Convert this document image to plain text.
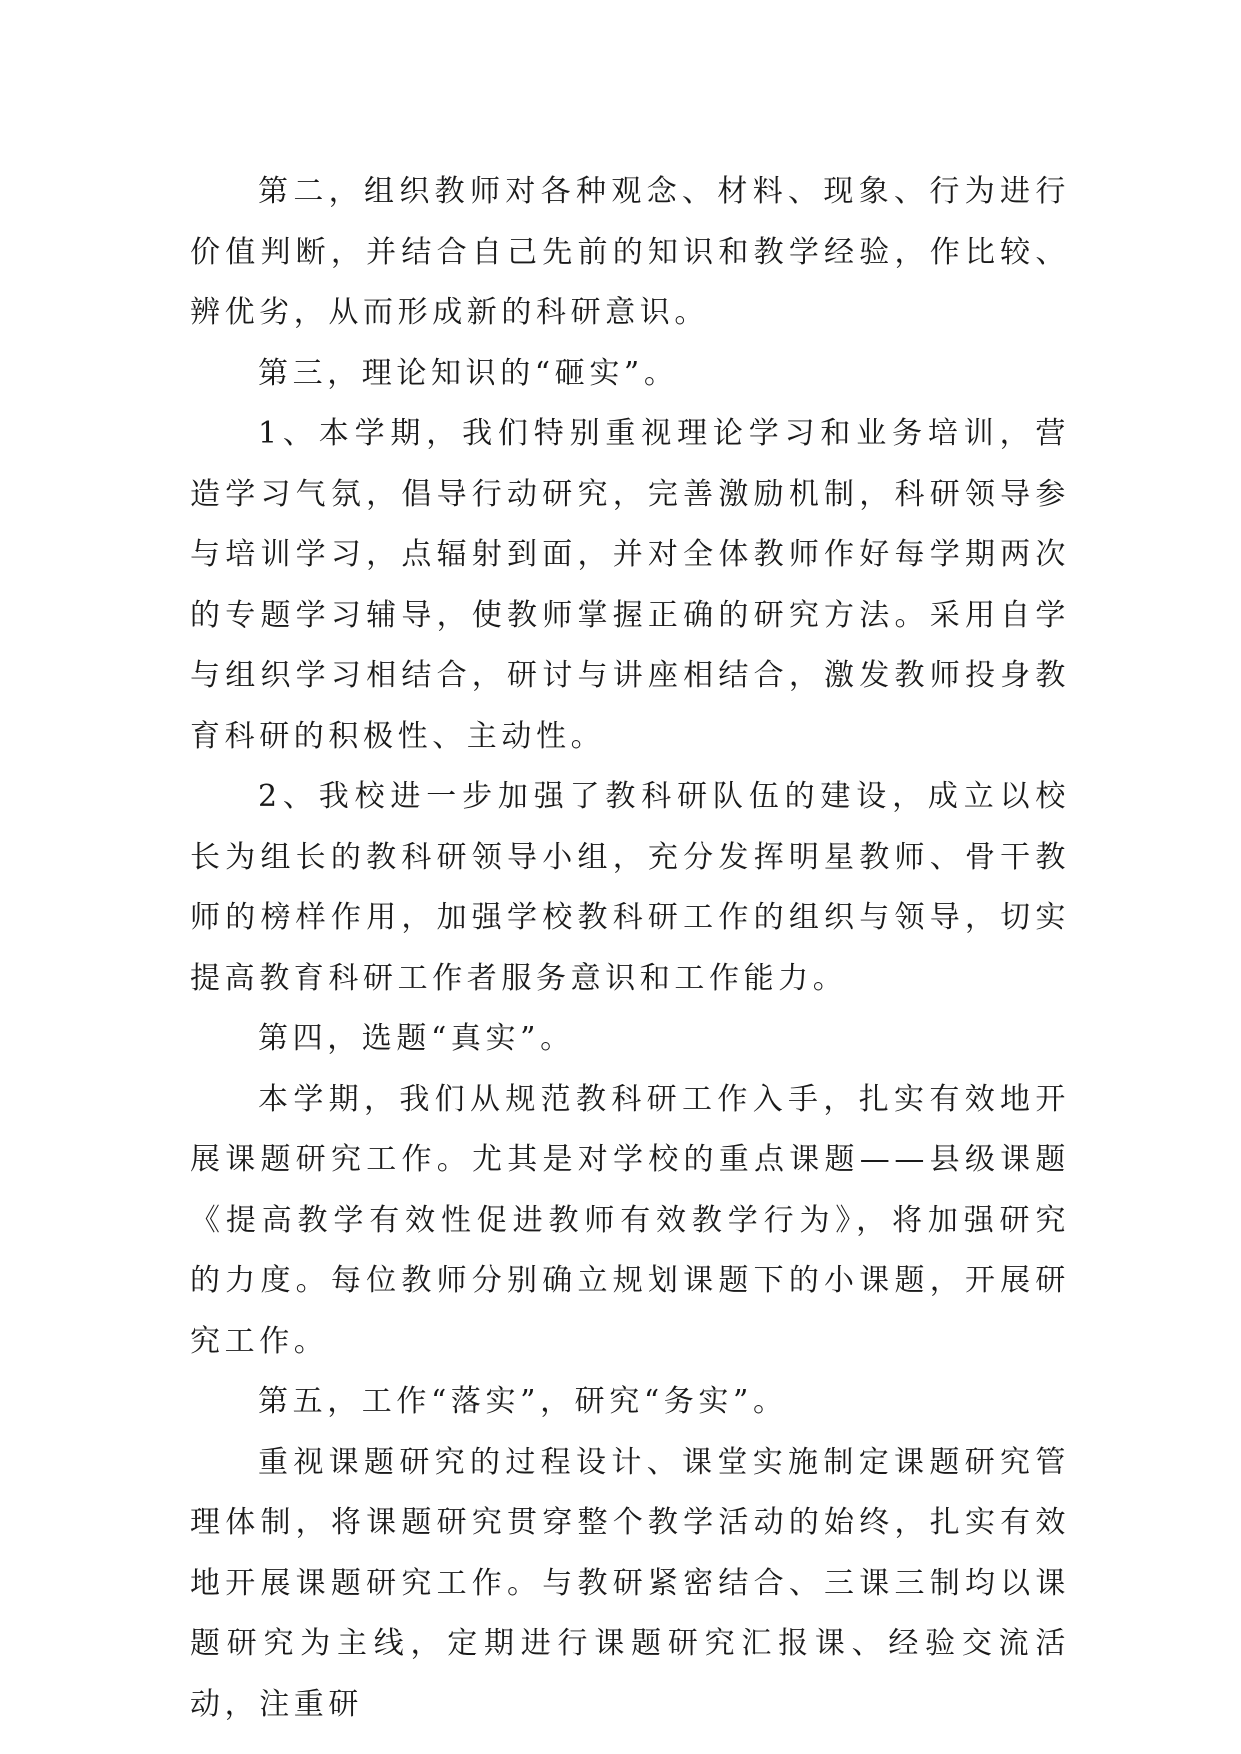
第二，组织教师对各种观念、材料、现象、行为进行价值判断，并结合自己先前的知识和教学经验，作比较、辨优劣，从而形成新的科研意识。

第三，理论知识的“砸实”。

1、本学期，我们特别重视理论学习和业务培训，营造学习气氛，倡导行动研究，完善激励机制，科研领导参与培训学习，点辐射到面，并对全体教师作好每学期两次的专题学习辅导，使教师掌握正确的研究方法。采用自学与组织学习相结合，研讨与讲座相结合，激发教师投身教育科研的积极性、主动性。

2、我校进一步加强了教科研队伍的建设，成立以校长为组长的教科研领导小组，充分发挥明星教师、骨干教师的榜样作用，加强学校教科研工作的组织与领导，切实提高教育科研工作者服务意识和工作能力。

第四，选题“真实”。

本学期，我们从规范教科研工作入手，扎实有效地开展课题研究工作。尤其是对学校的重点课题——县级课题《提高教学有效性促进教师有效教学行为》，将加强研究的力度。每位教师分别确立规划课题下的小课题，开展研究工作。

第五，工作“落实”，研究“务实”。

重视课题研究的过程设计、课堂实施制定课题研究管理体制，将课题研究贯穿整个教学活动的始终，扎实有效地开展课题研究工作。与教研紧密结合、三课三制均以课题研究为主线，定期进行课题研究汇报课、经验交流活动，注重研
